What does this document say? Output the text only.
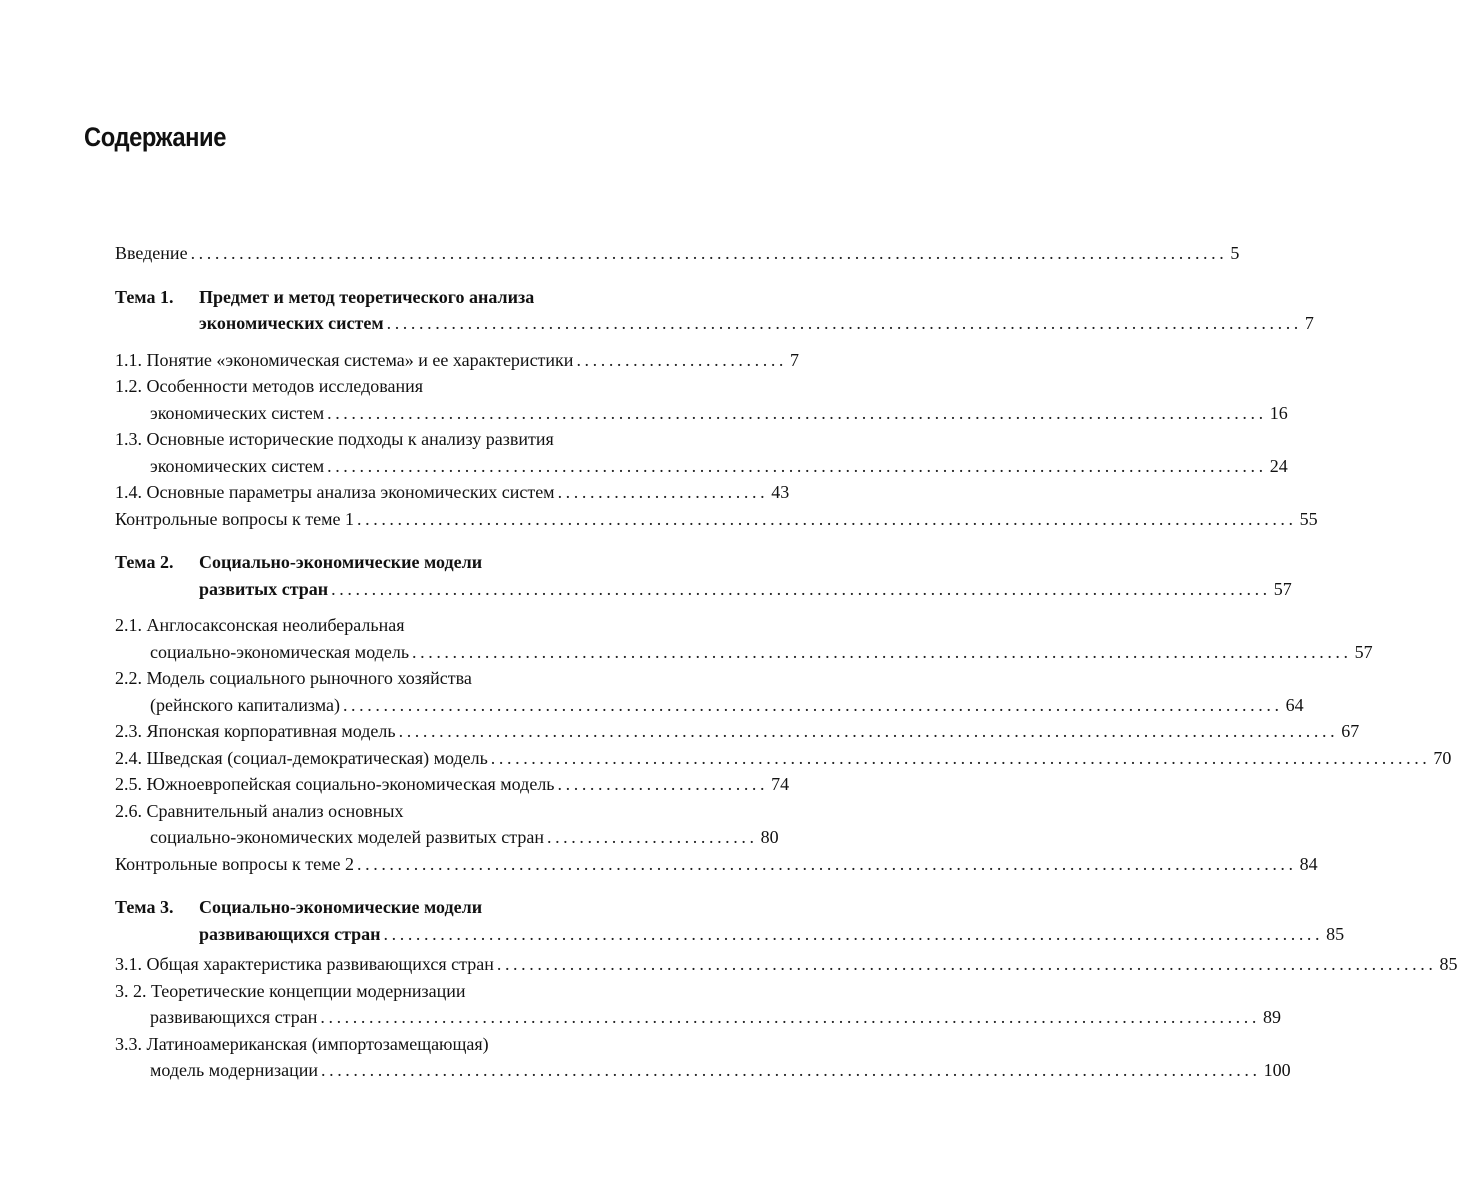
Содержание
Введение ................................................................................................................................ 5
Тема 1.	Предмет и метод теоретического анализа
экономических систем ................................................................................................................. 7
1.1. Понятие «экономическая система» и ее характеристики .......................... 7
1.2. Особенности методов исследования
экономических систем .................................................................................................................... 16
1.3. Основные исторические подходы к анализу развития
экономических систем .................................................................................................................... 24
1.4. Основные параметры анализа экономических систем .......................... 43
Контрольные вопросы к теме 1 .................................................................................................................... 55
Тема 2.	Социально-экономические модели
развитых стран .................................................................................................................... 57
2.1. Англосаксонская неолиберальная
социально-экономическая модель .................................................................................................................... 57
2.2. Модель социального рыночного хозяйства
(рейнского капитализма) .................................................................................................................... 64
2.3. Японская корпоративная модель .................................................................................................................... 67
2.4. Шведская (социал-демократическая) модель .................................................................................................................... 70
2.5. Южноевропейская социально-экономическая модель .......................... 74
2.6. Сравнительный анализ основных
социально-экономических моделей развитых стран .......................... 80
Контрольные вопросы к теме 2 .................................................................................................................... 84
Тема 3.	Социально-экономические модели
развивающихся стран .................................................................................................................... 85
3.1. Общая характеристика развивающихся стран .................................................................................................................... 85
3. 2. Теоретические концепции модернизации
развивающихся стран .................................................................................................................... 89
3.3. Латиноамериканская (импортозамещающая)
модель модернизации .................................................................................................................... 100
